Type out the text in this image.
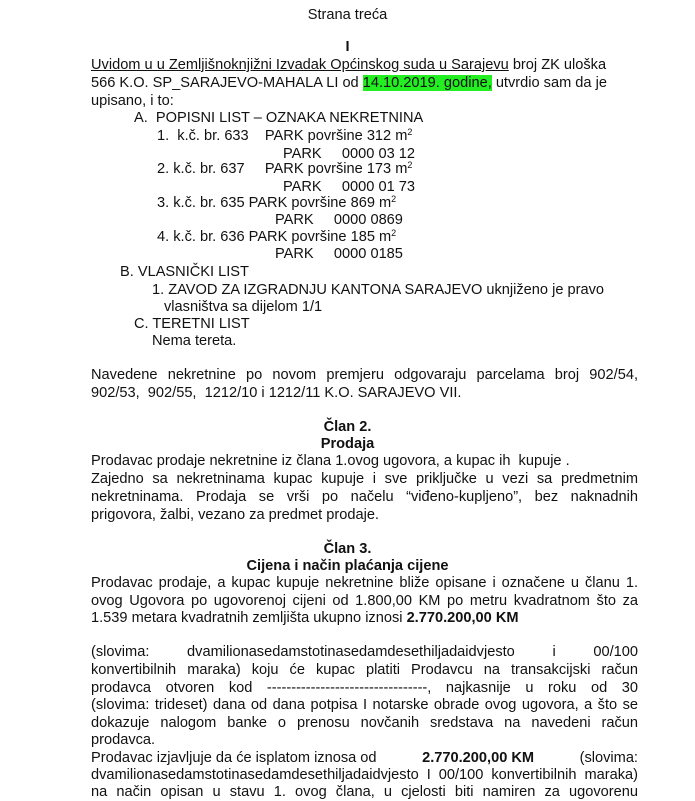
Strana treća
I
Uvidom u u Zemljišnoknjižni Izvadak Općinskog suda u Sarajevu broj ZK uloška
566 K.O. SP_SARAJEVO-MAHALA LI od 14.10.2019. godine, utvrdio sam da je
upisano, i to:
A.  POPISNI LIST – OZNAKA NEKRETNINA
1.  k.č. br. 633    PARK površine 312 $m^2$
PARK     0000 03 12
2. k.č. br. 637     PARK površine 173 $m^2$
PARK     0000 01 73
3. k.č. br. 635 PARK površine 869 $m^2$
PARK     0000 0869
4. k.č. br. 636 PARK površine 185 $m^2$
PARK     0000 0185
B. VLASNIČKI LIST
1. ZAVOD ZA IZGRADNJU KANTONA SARAJEVO uknjiženo je pravo
vlasništva sa dijelom 1/1
C. TERETNI LIST
Nema tereta.
Navedene nekretnine po novom premjeru odgovaraju parcelama broj 902/54,
902/53,  902/55,  1212/10 i 1212/11 K.O. SARAJEVO VII.
Član 2.
Prodaja
Prodavac prodaje nekretnine iz člana 1.ovog ugovora, a kupac ih  kupuje .
Zajedno sa nekretninama kupac kupuje i sve priključke u vezi sa predmetnim
nekretninama. Prodaja se vrši po načelu “viđeno-kupljeno”, bez naknadnih
prigovora, žalbi, vezano za predmet prodaje.
Član 3.
Cijena i način plaćanja cijene
Prodavac prodaje, a kupac kupuje nekretnine bliže opisane i označene u članu 1.
ovog Ugovora po ugovorenoj cijeni od 1.800,00 KM po metru kvadratnom što za
1.539 metara kvadratnih zemljišta ukupno iznosi 2.770.200,00 KM
(slovima: dvamilionasedamstotinasedamdesethiljadaidvjesto i 00/100
konvertibilnih maraka) koju će kupac platiti Prodavcu na transakcijski račun
prodavca otvoren kod ---------------------------------, najkasnije u roku od 30
(slovima: trideset) dana od dana potpisa I notarske obrade ovog ugovora, a što se
dokazuje nalogom banke o prenosu novčanih sredstava na navedeni račun
prodavca.
Prodavac izjavljuje da će isplatom iznosa od	2.770.200,00 KM	(slovima:
dvamilionasedamstotinasedamdesethiljadaidvjesto I 00/100 konvertibilnih maraka)
na način opisan u stavu 1. ovog člana, u cjelosti biti namiren za ugovorenu
